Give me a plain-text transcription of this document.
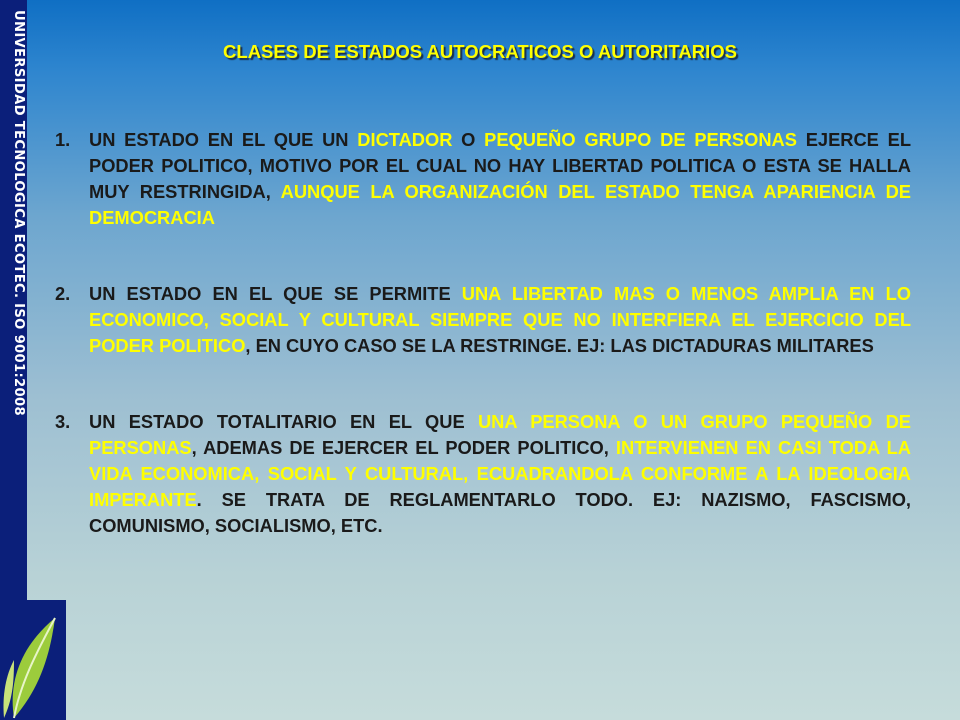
UNIVERSIDAD TECNOLÓGICA ECOTEC. ISO 9001:2008	CLASES DE ESTADOS AUTOCRATICOS O AUTORITARIOS
1. UN ESTADO EN EL QUE UN DICTADOR O PEQUEÑO GRUPO DE PERSONAS EJERCE EL PODER POLITICO, MOTIVO POR EL CUAL NO HAY LIBERTAD POLITICA O ESTA SE HALLA MUY RESTRINGIDA, AUNQUE LA ORGANIZACIÓN DEL ESTADO TENGA APARIENCIA DE DEMOCRACIA
2. UN ESTADO EN EL QUE SE PERMITE UNA LIBERTAD MAS O MENOS AMPLIA EN LO ECONOMICO, SOCIAL Y CULTURAL SIEMPRE QUE NO INTERFIERA EL EJERCICIO DEL PODER POLITICO, EN CUYO CASO SE LA RESTRINGE. EJ: LAS DICTADURAS MILITARES
3. UN ESTADO TOTALITARIO EN EL QUE UNA PERSONA O UN GRUPO PEQUEÑO DE PERSONAS, ADEMAS DE EJERCER EL PODER POLITICO, INTERVIENEN EN CASI TODA LA VIDA ECONOMICA, SOCIAL Y CULTURAL, ECUADRANDOLA CONFORME A LA IDEOLOGIA IMPERANTE. SE TRATA DE REGLAMENTARLO TODO. EJ: NAZISMO, FASCISMO, COMUNISMO, SOCIALISMO, ETC.
